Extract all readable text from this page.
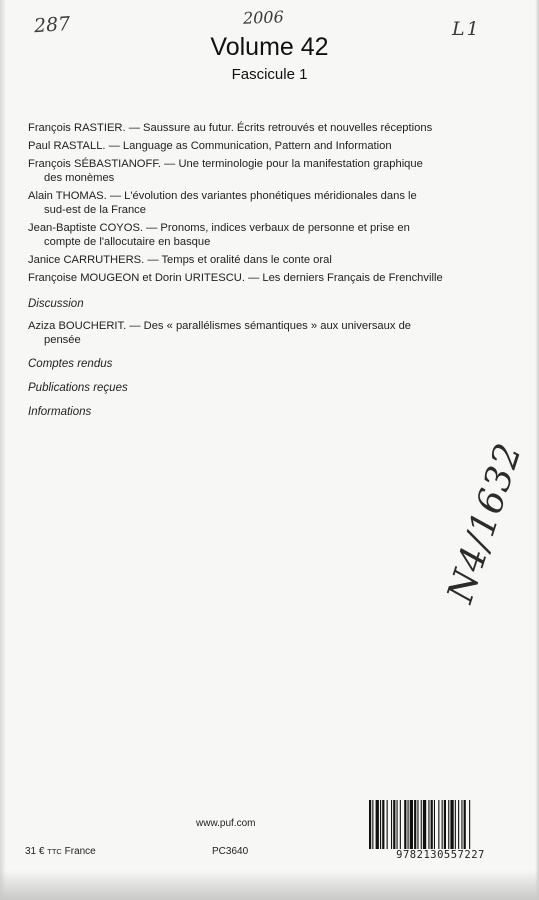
287	2006
L1
N4/1632
Volume 42
Fascicule 1
François RASTIER. — Saussure au futur. Écrits retrouvés et nouvelles réceptions
Paul RASTALL. — Language as Communication, Pattern and Information
François SÉBASTIANOFF. — Une terminologie pour la manifestation graphique
des monèmes
Alain THOMAS. — L'évolution des variantes phonétiques méridionales dans le
sud-est de la France
Jean-Baptiste COYOS. — Pronoms, indices verbaux de personne et prise en
compte de l'allocutaire en basque
Janice CARRUTHERS. — Temps et oralité dans le conte oral
Françoise MOUGEON et Dorin URITESCU. — Les derniers Français de Frenchville
Discussion
Aziza BOUCHERIT. — Des « parallélismes sémantiques » aux universaux de
pensée
Comptes rendus
Publications reçues
Informations
www.puf.com
31 € TTC France	PC3640	9782130557227
